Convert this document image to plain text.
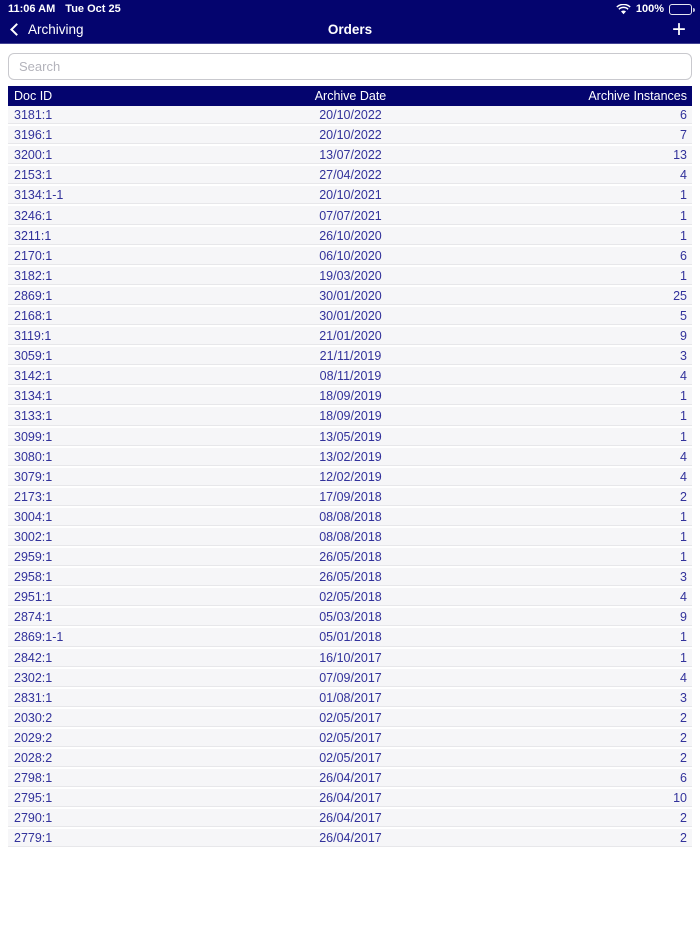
11:06 AM Tue Oct 25	100%
Archiving	Orders	+
Search
Doc ID	Archive Date	Archive Instances
3181:1	20/10/2022	6
3196:1	20/10/2022	7
3200:1	13/07/2022	13
2153:1	27/04/2022	4
3134:1-1	20/10/2021	1
3246:1	07/07/2021	1
3211:1	26/10/2020	1
2170:1	06/10/2020	6
3182:1	19/03/2020	1
2869:1	30/01/2020	25
2168:1	30/01/2020	5
3119:1	21/01/2020	9
3059:1	21/11/2019	3
3142:1	08/11/2019	4
3134:1	18/09/2019	1
3133:1	18/09/2019	1
3099:1	13/05/2019	1
3080:1	13/02/2019	4
3079:1	12/02/2019	4
2173:1	17/09/2018	2
3004:1	08/08/2018	1
3002:1	08/08/2018	1
2959:1	26/05/2018	1
2958:1	26/05/2018	3
2951:1	02/05/2018	4
2874:1	05/03/2018	9
2869:1-1	05/01/2018	1
2842:1	16/10/2017	1
2302:1	07/09/2017	4
2831:1	01/08/2017	3
2030:2	02/05/2017	2
2029:2	02/05/2017	2
2028:2	02/05/2017	2
2798:1	26/04/2017	6
2795:1	26/04/2017	10
2790:1	26/04/2017	2
2779:1	26/04/2017	2
